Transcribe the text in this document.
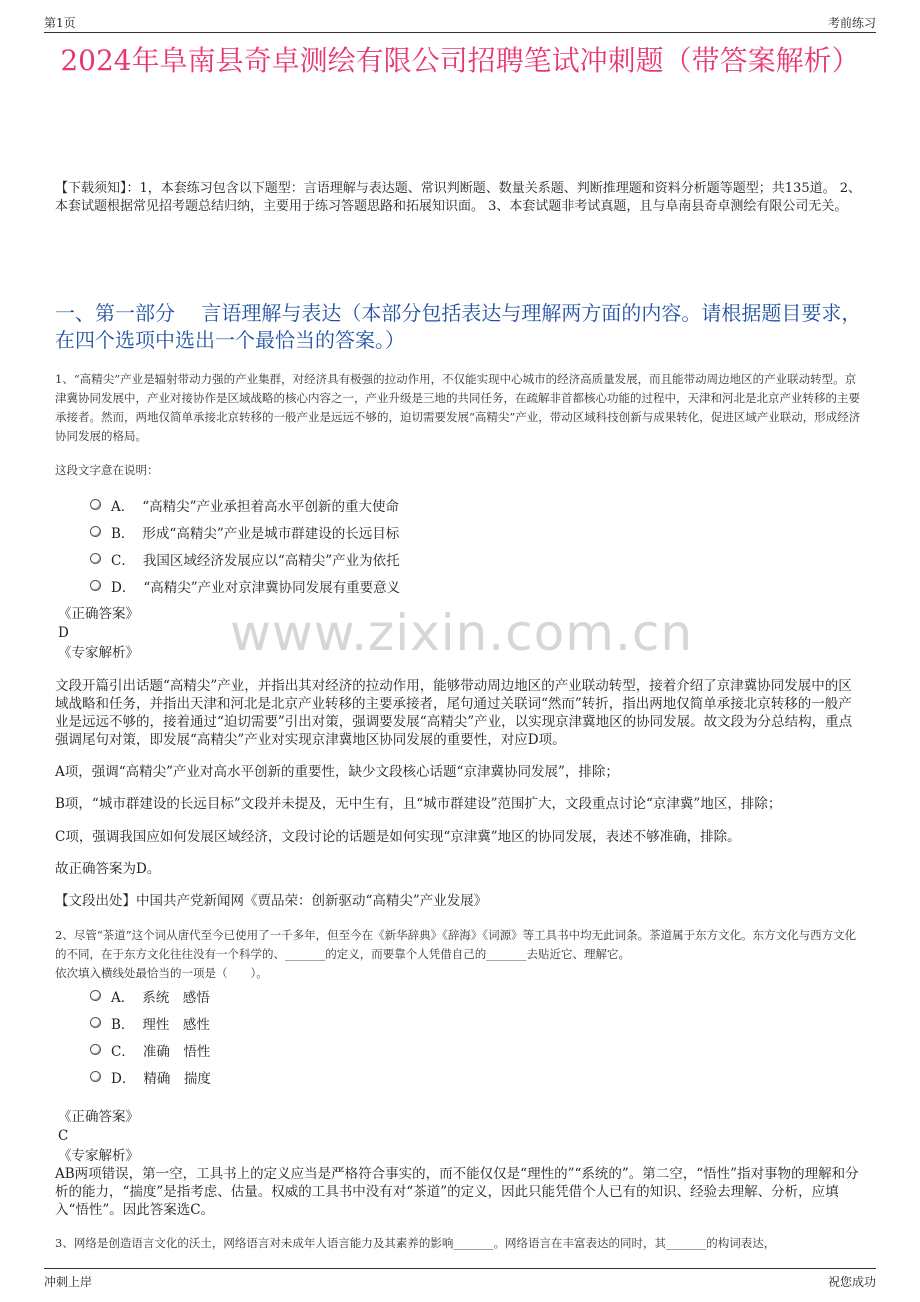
第1页	考前练习
2024年阜南县奇卓测绘有限公司招聘笔试冲刺题（带答案解析）
【下载须知】：1，本套练习包含以下题型：言语理解与表达题、常识判断题、数量关系题、判断推理题和资料分析题等题型；共135道。 2、本套试题根据常见招考题总结归纳，主要用于练习答题思路和拓展知识面。 3、本套试题非考试真题，且与阜南县奇卓测绘有限公司无关。
一、第一部分　 言语理解与表达（本部分包括表达与理解两方面的内容。请根据题目要求，在四个选项中选出一个最恰当的答案。）
1、“高精尖”产业是辐射带动力强的产业集群，对经济具有极强的拉动作用，不仅能实现中心城市的经济高质量发展，而且能带动周边地区的产业联动转型。京津冀协同发展中，产业对接协作是区域战略的核心内容之一，产业升级是三地的共同任务，在疏解非首都核心功能的过程中，天津和河北是北京产业转移的主要承接者。然而，两地仅简单承接北京转移的一般产业是远远不够的，迫切需要发展“高精尖”产业，带动区域科技创新与成果转化，促进区域产业联动，形成经济协同发展的格局。
这段文字意在说明：
A． “高精尖”产业承担着高水平创新的重大使命
B． 形成“高精尖”产业是城市群建设的长远目标
C． 我国区域经济发展应以“高精尖”产业为依托
D． “高精尖”产业对京津冀协同发展有重要意义
《正确答案》
D
《专家解析》 www.zixin.com.cn
文段开篇引出话题“高精尖”产业，并指出其对经济的拉动作用，能够带动周边地区的产业联动转型，接着介绍了京津冀协同发展中的区域战略和任务，并指出天津和河北是北京产业转移的主要承接者，尾句通过关联词“然而”转折，指出两地仅简单承接北京转移的一般产业是远远不够的，接着通过“迫切需要”引出对策，强调要发展“高精尖”产业，以实现京津冀地区的协同发展。故文段为分总结构，重点强调尾句对策，即发展“高精尖”产业对实现京津冀地区协同发展的重要性，对应D项。
A项，强调“高精尖”产业对高水平创新的重要性，缺少文段核心话题“京津冀协同发展”，排除；
B项，“城市群建设的长远目标”文段并未提及，无中生有，且“城市群建设”范围扩大，文段重点讨论“京津冀”地区，排除；
C项，强调我国应如何发展区域经济，文段讨论的话题是如何实现“京津冀”地区的协同发展，表述不够准确，排除。
故正确答案为D。
【文段出处】中国共产党新闻网《贾品荣：创新驱动“高精尖”产业发展》
2、尽管“茶道”这个词从唐代至今已使用了一千多年，但至今在《新华辞典》《辞海》《词源》等工具书中均无此词条。茶道属于东方文化。东方文化与西方文化的不同，在于东方文化往往没有一个科学的、_______的定义，而要靠个人凭借自己的_______去贴近它、理解它。
依次填入横线处最恰当的一项是（　　）。
A． 系统　感悟
B． 理性　感性
C． 准确　悟性
D． 精确　揣度
《正确答案》
C
《专家解析》
AB两项错误，第一空，工具书上的定义应当是严格符合事实的，而不能仅仅是“理性的”“系统的”。第二空，“悟性”指对事物的理解和分析的能力，“揣度”是指考虑、估量。权威的工具书中没有对“茶道”的定义，因此只能凭借个人已有的知识、经验去理解、分析，应填入“悟性”。因此答案选C。
3、网络是创造语言文化的沃土，网络语言对未成年人语言能力及其素养的影响_______。网络语言在丰富表达的同时，其_______的构词表达，
冲刺上岸	祝您成功
